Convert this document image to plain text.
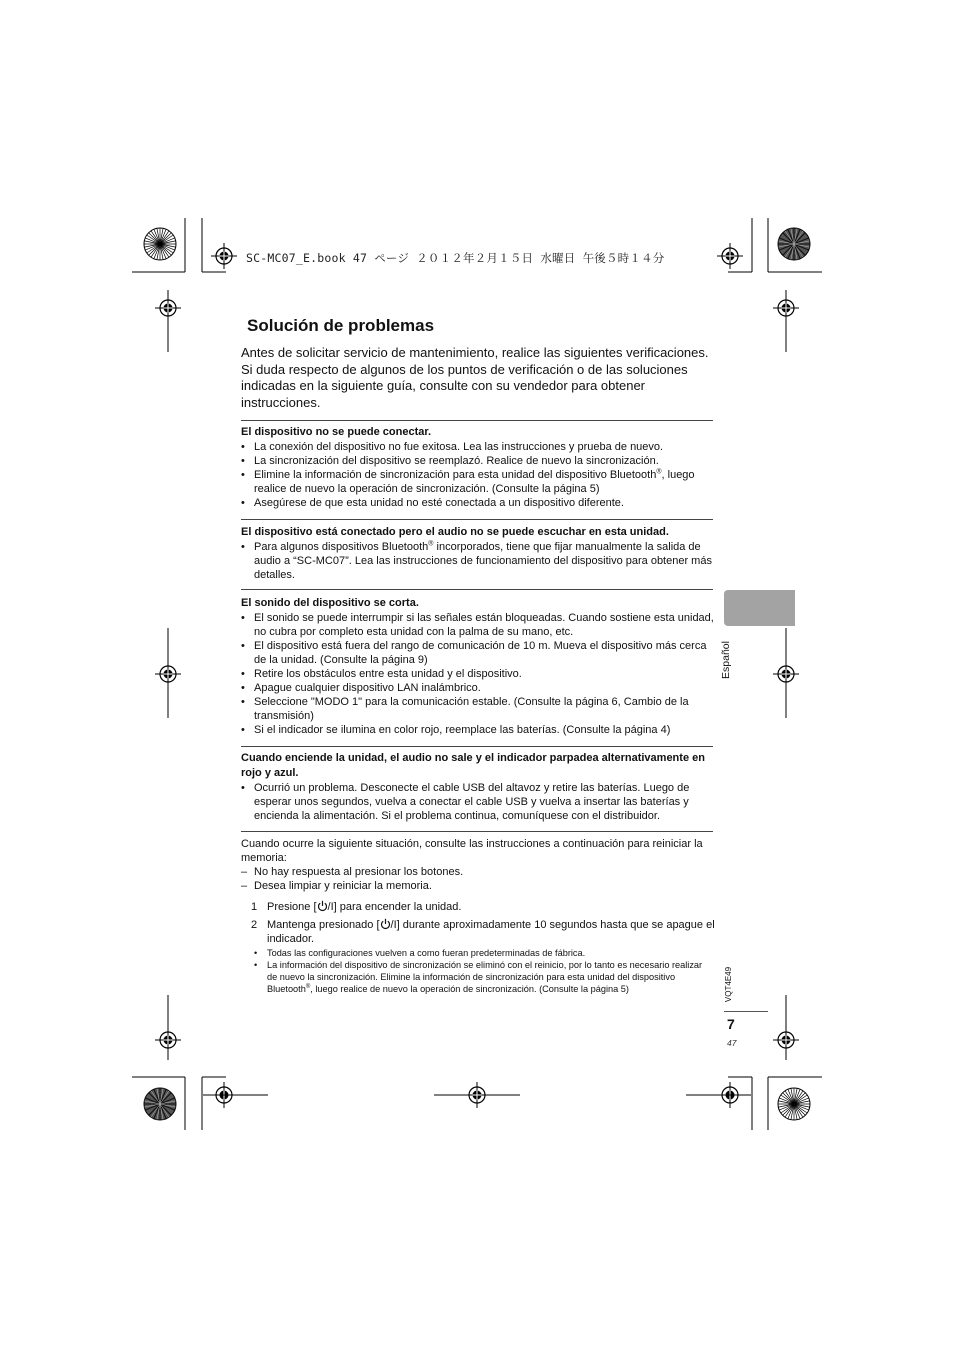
SC-MC07_E.book 47 ページ ２０１２年２月１５日 水曜日 午後５時１４分
Solución de problemas

Antes de solicitar servicio de mantenimiento, realice las siguientes verificaciones. Si duda respecto de algunos de los puntos de verificación o de las soluciones indicadas en la siguiente guía, consulte con su vendedor para obtener instrucciones.

El dispositivo no se puede conectar.
• La conexión del dispositivo no fue exitosa. Lea las instrucciones y prueba de nuevo.
• La sincronización del dispositivo se reemplazó. Realice de nuevo la sincronización.
• Elimine la información de sincronización para esta unidad del dispositivo Bluetooth®, luego realice de nuevo la operación de sincronización. (Consulte la página 5)
• Asegúrese de que esta unidad no esté conectada a un dispositivo diferente.
El dispositivo está conectado pero el audio no se puede escuchar en esta unidad.
• Para algunos dispositivos Bluetooth® incorporados, tiene que fijar manualmente la salida de audio a “SC-MC07”. Lea las instrucciones de funcionamiento del dispositivo para obtener más detalles.
El sonido del dispositivo se corta.
• El sonido se puede interrumpir si las señales están bloqueadas. Cuando sostiene esta unidad, no cubra por completo esta unidad con la palma de su mano, etc.
• El dispositivo está fuera del rango de comunicación de 10 m. Mueva el dispositivo más cerca de la unidad. (Consulte la página 9)
• Retire los obstáculos entre esta unidad y el dispositivo.
• Apague cualquier dispositivo LAN inalámbrico.
• Seleccione "MODO 1" para la comunicación estable. (Consulte la página 6, Cambio de la transmisión)
• Si el indicador se ilumina en color rojo, reemplace las baterías. (Consulte la página 4)
Cuando enciende la unidad, el audio no sale y el indicador parpadea alternativamente en rojo y azul.
• Ocurrió un problema. Desconecte el cable USB del altavoz y retire las baterías. Luego de esperar unos segundos, vuelva a conectar el cable USB y vuelva a insertar las baterías y encienda la alimentación. Si el problema continua, comuníquese con el distribuidor.
Cuando ocurre la siguiente situación, consulte las instrucciones a continuación para reiniciar la memoria:
– No hay respuesta al presionar los botones.
– Desea limpiar y reiniciar la memoria.
1 Presione [ /I] para encender la unidad.
2 Mantenga presionado [ /I] durante aproximadamente 10 segundos hasta que se apague el indicador.
• Todas las configuraciones vuelven a como fueran predeterminadas de fábrica.
• La información del dispositivo de sincronización se eliminó con el reinicio, por lo tanto es necesario realizar de nuevo la sincronización. Elimine la información de sincronización para esta unidad del dispositivo Bluetooth®, luego realice de nuevo la operación de sincronización. (Consulte la página 5)
Español
VQT4E49
7
47
